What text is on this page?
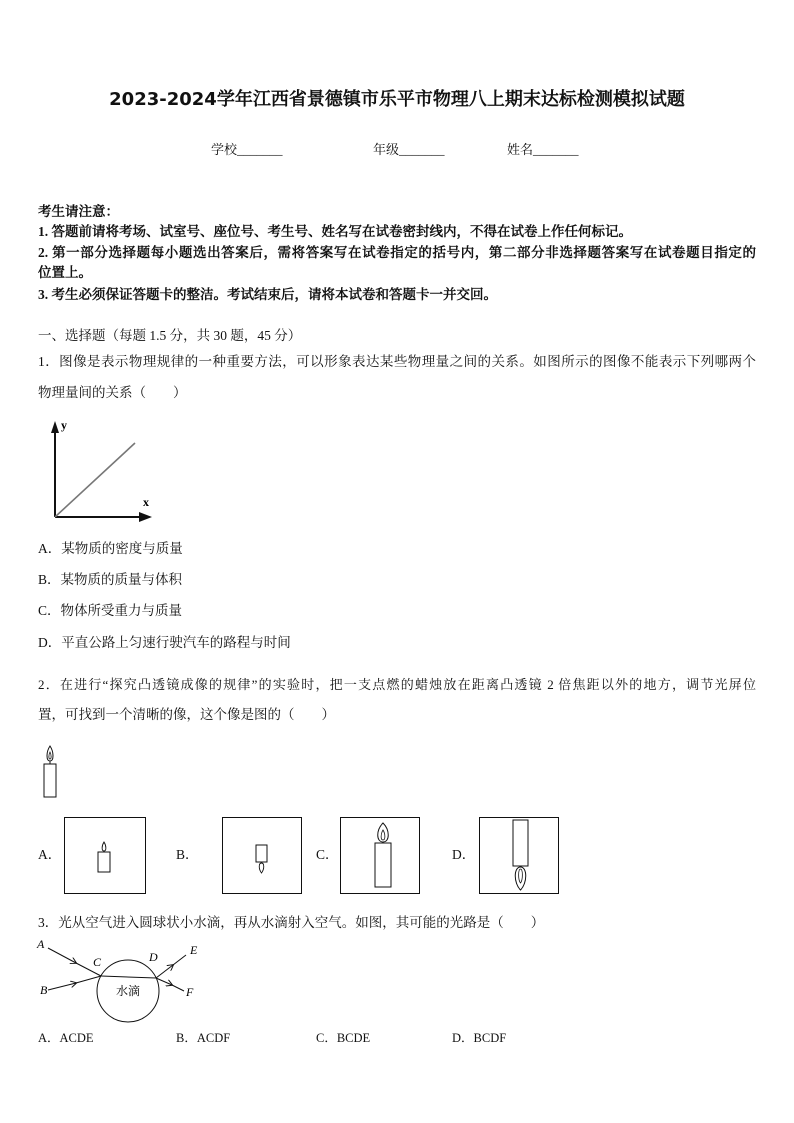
2023-2024学年江西省景德镇市乐平市物理八上期末达标检测模拟试题
学校_______	年级_______	姓名_______
考生请注意：
1. 答题前请将考场、试室号、座位号、考生号、姓名写在试卷密封线内，不得在试卷上作任何标记。
2. 第一部分选择题每小题选出答案后，需将答案写在试卷指定的括号内，第二部分非选择题答案写在试卷题目指定的
位置上。
3. 考生必须保证答题卡的整洁。考试结束后，请将本试卷和答题卡一并交回。
一、选择题（每题 1.5 分，共 30 题，45 分）
1．图像是表示物理规律的一种重要方法，可以形象表达某些物理量之间的关系。如图所示的图像不能表示下列哪两个
物理量间的关系（　　）
y
x
A．某物质的密度与质量
B．某物质的质量与体积
C．物体所受重力与质量
D．平直公路上匀速行驶汽车的路程与时间
2．在进行“探究凸透镜成像的规律”的实验时，把一支点燃的蜡烛放在距离凸透镜 2 倍焦距以外的地方，调节光屏位
置，可找到一个清晰的像，这个像是图的（　　）
A．	B．	C．	D．
3．光从空气进入圆球状小水滴，再从水滴射入空气。如图，其可能的光路是（　　）
水滴
A
C	D	E
B	F
A．ACDE	B．ACDF	C．BCDE	D．BCDF
